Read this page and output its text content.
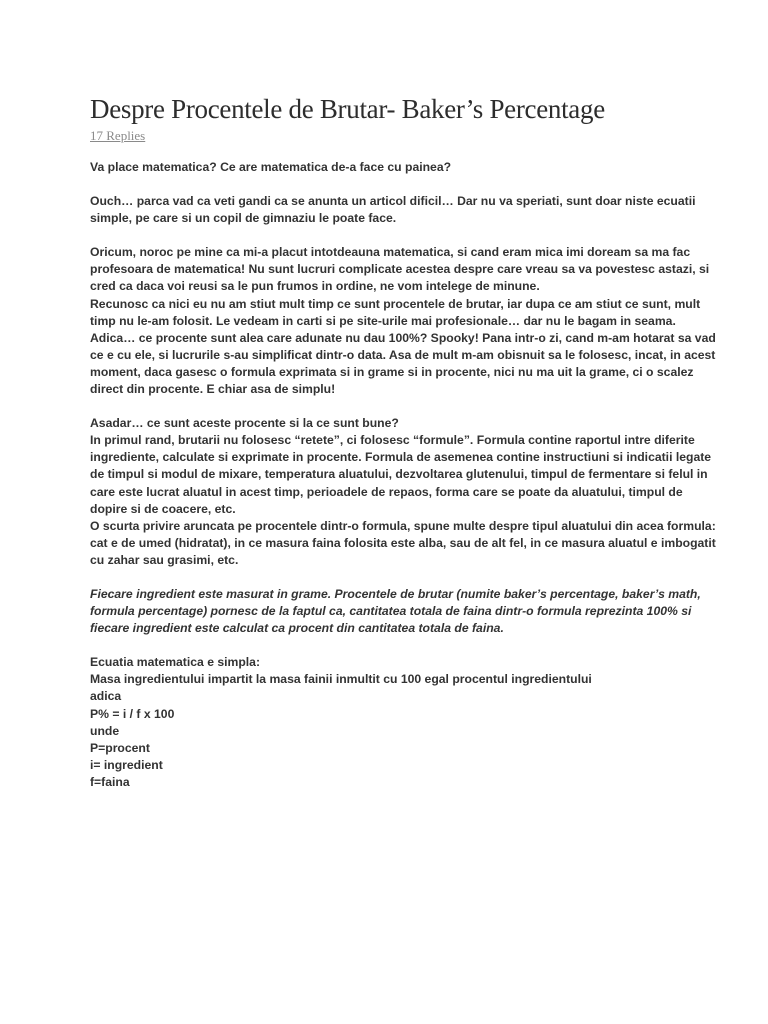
Despre Procentele de Brutar- Baker’s Percentage
17 Replies

Va place matematica? Ce are matematica de-a face cu painea?

Ouch… parca vad ca veti gandi ca se anunta un articol dificil… Dar nu va speriati, sunt doar niste ecuatii simple, pe care si un copil de gimnaziu le poate face.

Oricum, noroc pe mine ca mi-a placut intotdeauna matematica, si cand eram mica imi doream sa ma fac profesoara de matematica! Nu sunt lucruri complicate acestea despre care vreau sa va povestesc astazi, si cred ca daca voi reusi sa le pun frumos in ordine, ne vom intelege de minune.

Recunosc ca nici eu nu am stiut mult timp ce sunt procentele de brutar, iar dupa ce am stiut ce sunt, mult timp nu le-am folosit. Le vedeam in carti si pe site-urile mai profesionale… dar nu le bagam in seama. Adica… ce procente sunt alea care adunate nu dau 100%? Spooky! Pana intr-o zi, cand m-am hotarat sa vad ce e cu ele, si lucrurile s-au simplificat dintr-o data. Asa de mult m-am obisnuit sa le folosesc, incat, in acest moment, daca gasesc o formula exprimata si in grame si in procente, nici nu ma uit la grame, ci o scalez direct din procente. E chiar asa de simplu!

Asadar… ce sunt aceste procente si la ce sunt bune?

In primul rand, brutarii nu folosesc “retete”, ci folosesc “formule”. Formula contine raportul intre diferite ingrediente, calculate si exprimate in procente. Formula de asemenea contine instructiuni si indicatii legate de timpul si modul de mixare, temperatura aluatului, dezvoltarea glutenului, timpul de fermentare si felul in care este lucrat aluatul in acest timp, perioadele de repaos, forma care se poate da aluatului, timpul de dopire si de coacere, etc.

O scurta privire aruncata pe procentele dintr-o formula, spune multe despre tipul aluatului din acea formula: cat e de umed (hidratat), in ce masura faina folosita este alba, sau de alt fel, in ce masura aluatul e imbogatit cu zahar sau grasimi, etc.

Fiecare ingredient este masurat in grame. Procentele de brutar (numite baker’s percentage, baker’s math, formula percentage) pornesc de la faptul ca, cantitatea totala de faina dintr-o formula reprezinta 100% si fiecare ingredient este calculat ca procent din cantitatea totala de faina.

Ecuatia matematica e simpla:

Masa ingredientului impartit la masa fainii inmultit cu 100 egal procentul ingredientului

adica

P% = i / f x 100

unde

P=procent

i= ingredient

f=faina
